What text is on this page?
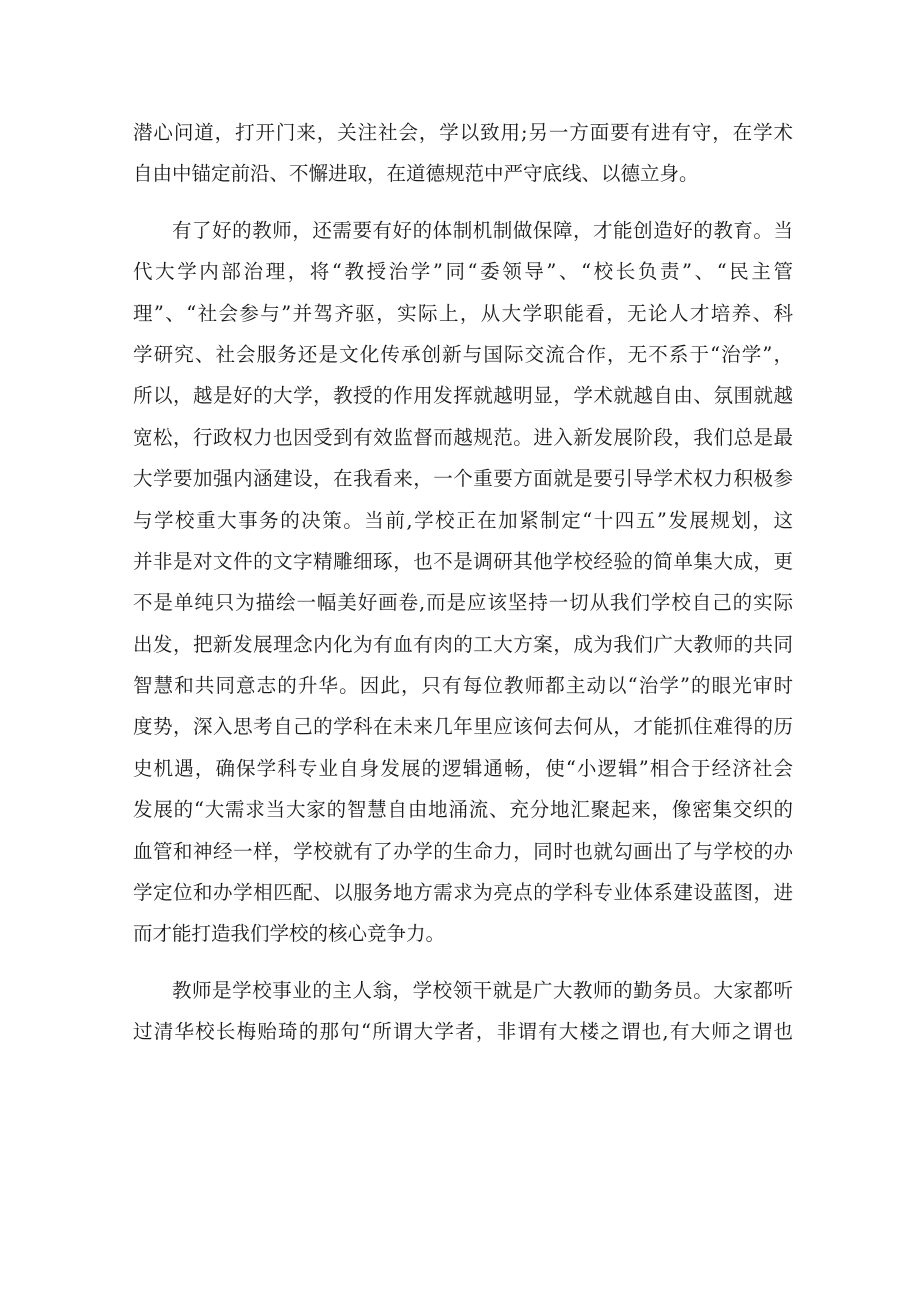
潜心问道，打开门来，关注社会，学以致用;另一方面要有进有守，在学术
自由中锚定前沿、不懈进取，在道德规范中严守底线、以德立身。
有了好的教师，还需要有好的体制机制做保障，才能创造好的教育。当
代大学内部治理，将“教授治学”同“委领导”、“校长负责”、“民主管
理”、“社会参与”并驾齐驱，实际上，从大学职能看，无论人才培养、科
学研究、社会服务还是文化传承创新与国际交流合作，无不系于“治学”，
所以，越是好的大学，教授的作用发挥就越明显，学术就越自由、氛围就越
宽松，行政权力也因受到有效监督而越规范。进入新发展阶段，我们总是最
大学要加强内涵建设，在我看来，一个重要方面就是要引导学术权力积极参
与学校重大事务的决策。当前,学校正在加紧制定“十四五”发展规划，这
并非是对文件的文字精雕细琢，也不是调研其他学校经验的简单集大成，更
不是单纯只为描绘一幅美好画卷,而是应该坚持一切从我们学校自己的实际
出发，把新发展理念内化为有血有肉的工大方案，成为我们广大教师的共同
智慧和共同意志的升华。因此，只有每位教师都主动以“治学”的眼光审时
度势，深入思考自己的学科在未来几年里应该何去何从，才能抓住难得的历
史机遇，确保学科专业自身发展的逻辑通畅，使“小逻辑”相合于经济社会
发展的“大需求当大家的智慧自由地涌流、充分地汇聚起来，像密集交织的
血管和神经一样，学校就有了办学的生命力，同时也就勾画出了与学校的办
学定位和办学相匹配、以服务地方需求为亮点的学科专业体系建设蓝图，进
而才能打造我们学校的核心竞争力。
教师是学校事业的主人翁，学校领干就是广大教师的勤务员。大家都听
过清华校长梅贻琦的那句“所谓大学者，非谓有大楼之谓也,有大师之谓也
